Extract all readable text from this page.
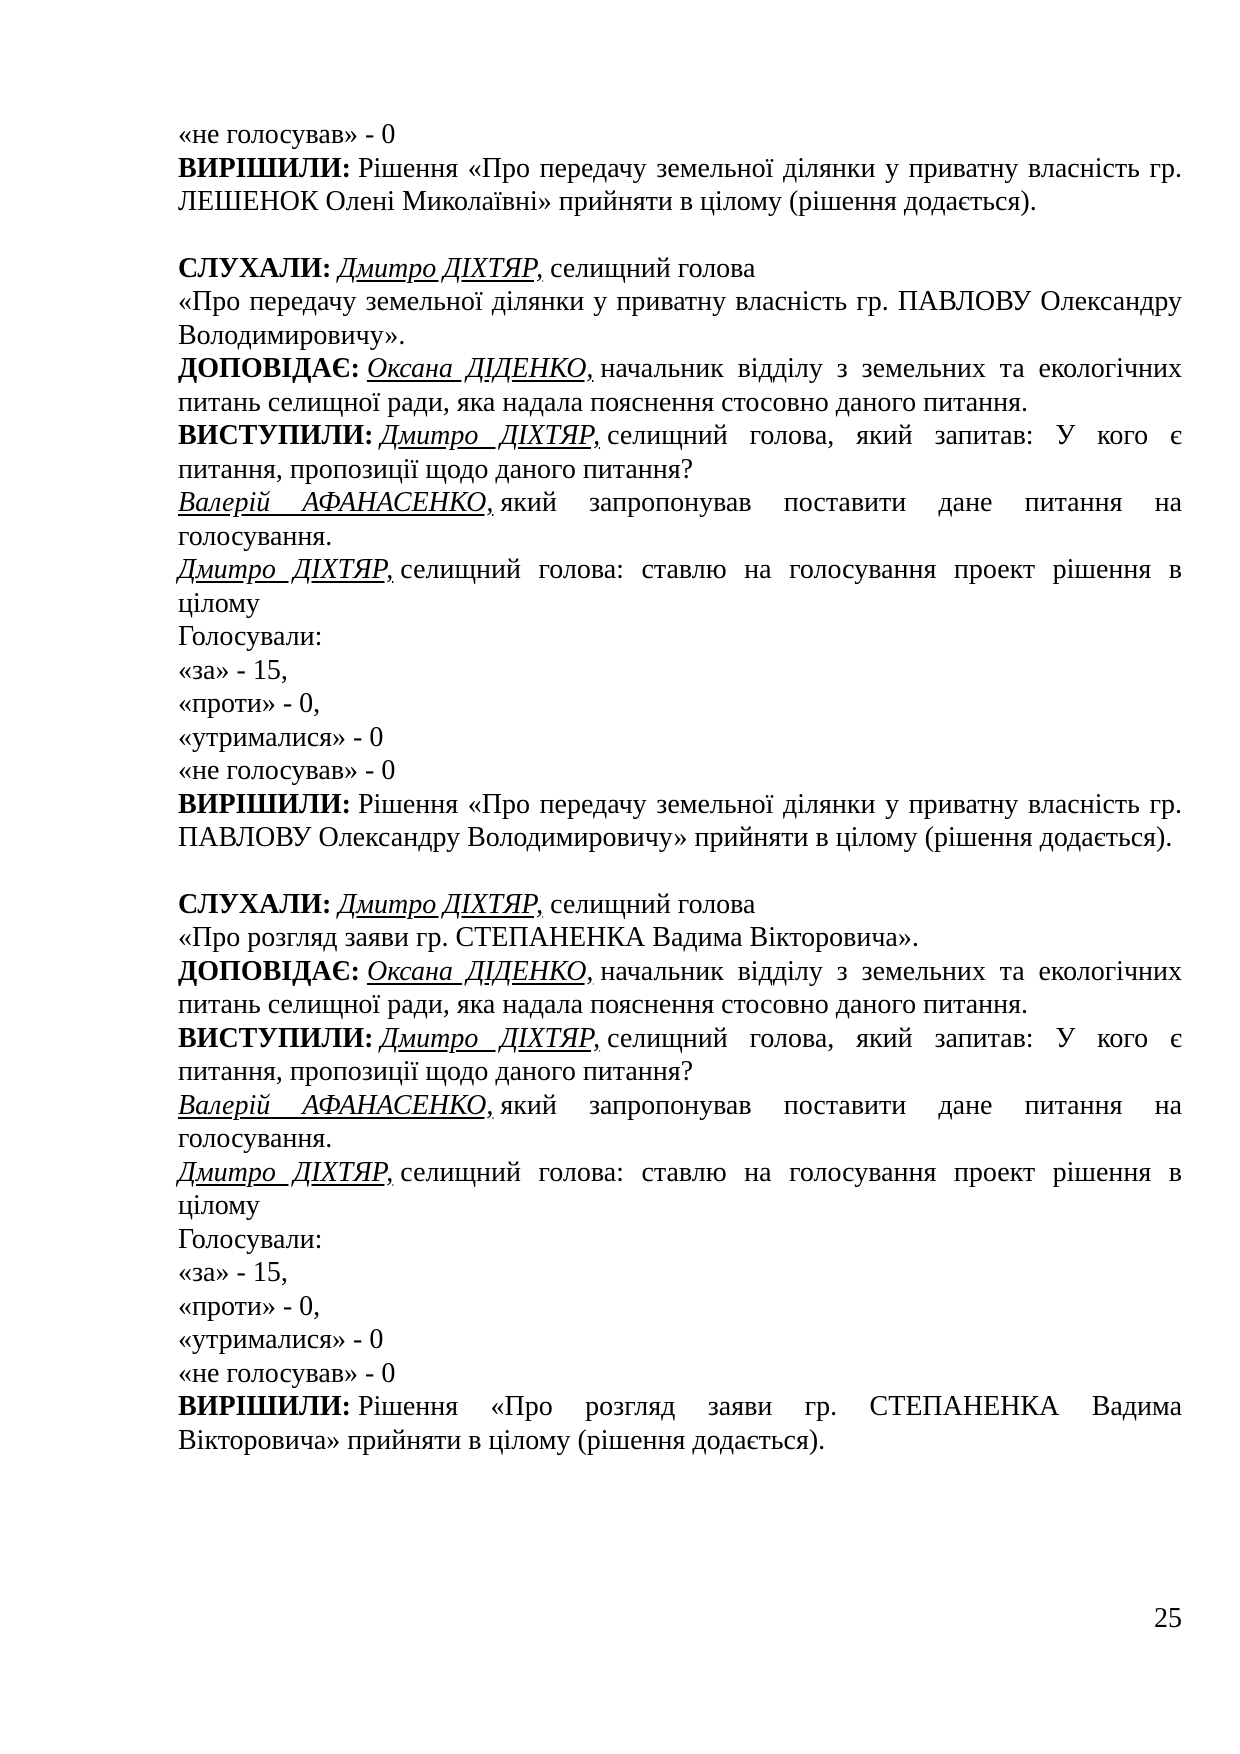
«не голосував» - 0

ВИРІШИЛИ: Рішення «Про передачу земельної ділянки у приватну власність гр. ЛЕШЕНОК Олені Миколаївні» прийняти в цілому (рішення додається).

СЛУХАЛИ: Дмитро ДІХТЯР, селищний голова

«Про передачу земельної ділянки у приватну власність гр. ПАВЛОВУ Олександру Володимировичу».

ДОПОВІДАЄ: Оксана ДІДЕНКО, начальник відділу з земельних та екологічних питань селищної ради, яка надала пояснення стосовно даного питання.

ВИСТУПИЛИ: Дмитро ДІХТЯР, селищний голова, який запитав: У кого є питання, пропозиції щодо даного питання?

Валерій АФАНАСЕНКО, який запропонував поставити дане питання на голосування.

Дмитро ДІХТЯР, селищний голова: ставлю на голосування проект рішення в цілому

Голосували:

«за» - 15,

«проти» - 0,

«утрималися» - 0

«не голосував» - 0

ВИРІШИЛИ: Рішення «Про передачу земельної ділянки у приватну власність гр. ПАВЛОВУ Олександру Володимировичу» прийняти в цілому (рішення додається).

СЛУХАЛИ: Дмитро ДІХТЯР, селищний голова

«Про розгляд заяви гр. СТЕПАНЕНКА Вадима Вікторовича».

ДОПОВІДАЄ: Оксана ДІДЕНКО, начальник відділу з земельних та екологічних питань селищної ради, яка надала пояснення стосовно даного питання.

ВИСТУПИЛИ: Дмитро ДІХТЯР, селищний голова, який запитав: У кого є питання, пропозиції щодо даного питання?

Валерій АФАНАСЕНКО, який запропонував поставити дане питання на голосування.

Дмитро ДІХТЯР, селищний голова: ставлю на голосування проект рішення в цілому

Голосували:

«за» - 15,

«проти» - 0,

«утрималися» - 0

«не голосував» - 0

ВИРІШИЛИ: Рішення «Про розгляд заяви гр. СТЕПАНЕНКА Вадима Вікторовича» прийняти в цілому (рішення додається).

25
